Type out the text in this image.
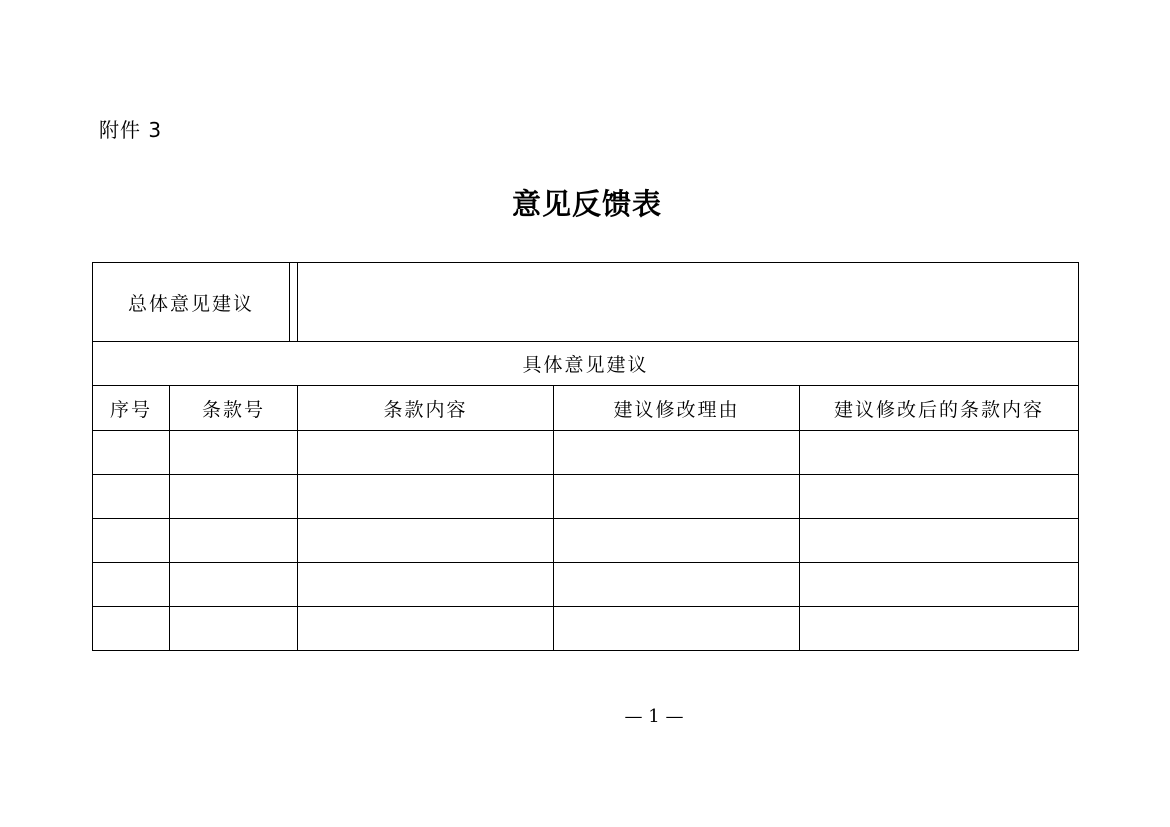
附件 3
意见反馈表
总体意见建议				

具体意见建议				
序号	条款号	条款内容	建议修改理由	建议修改后的条款内容

— 1 —
